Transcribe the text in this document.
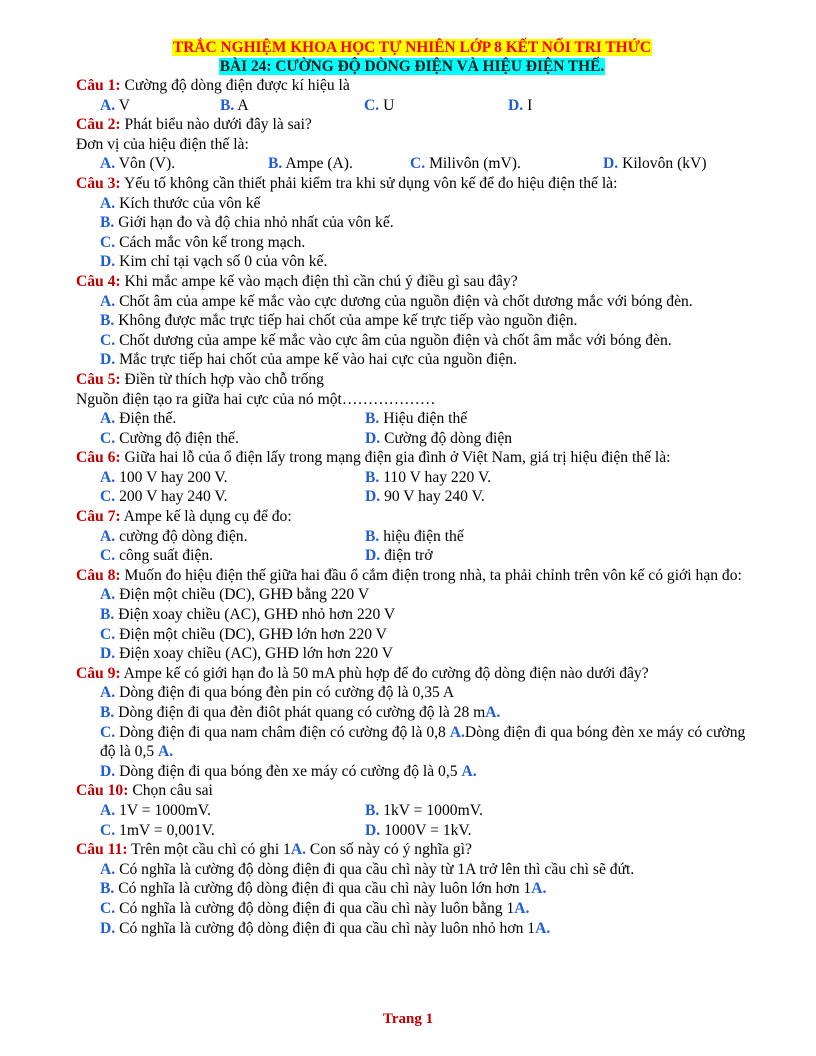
TRẮC NGHIỆM KHOA HỌC TỰ NHIÊN LỚP 8 KẾT NỐI TRI THỨC
BÀI 24: CƯỜNG ĐỘ DÒNG ĐIỆN VÀ HIỆU ĐIỆN THẾ.
Câu 1: Cường độ dòng điện được kí hiệu là
A. V	B. A	C. U	D. I
Câu 2: Phát biểu nào dưới đây là sai?
Đơn vị của hiệu điện thế là:
A. Vôn (V).	B. Ampe (A).	C. Milivôn (mV).	D. Kilovôn (kV)
Câu 3: Yếu tố không cần thiết phải kiểm tra khi sử dụng vôn kế để đo hiệu điện thế là:
A. Kích thước của vôn kế
B. Giới hạn đo và độ chia nhỏ nhất của vôn kế.
C. Cách mắc vôn kế trong mạch.
D. Kim chỉ tại vạch số 0 của vôn kế.
Câu 4: Khi mắc ampe kế vào mạch điện thì cần chú ý điều gì sau đây?
A. Chốt âm của ampe kế mắc vào cực dương của nguồn điện và chốt dương mắc với bóng đèn.
B. Không được mắc trực tiếp hai chốt của ampe kế trực tiếp vào nguồn điện.
C. Chốt dương của ampe kế mắc vào cực âm của nguồn điện và chốt âm mắc với bóng đèn.
D. Mắc trực tiếp hai chốt của ampe kế vào hai cực của nguồn điện.
Câu 5: Điền từ thích hợp vào chỗ trống
Nguồn điện tạo ra giữa hai cực của nó một………………
A. Điện thế.	B. Hiệu điện thế
C. Cường độ điện thế.	D. Cường độ dòng điện
Câu 6: Giữa hai lỗ của ổ điện lấy trong mạng điện gia đình ở Việt Nam, giá trị hiệu điện thế là:
A. 100 V hay 200 V.	B. 110 V hay 220 V.
C. 200 V hay 240 V.	D. 90 V hay 240 V.
Câu 7: Ampe kế là dụng cụ để đo:
A. cường độ dòng điện.	B. hiệu điện thế
C. công suất điện.	D. điện trở
Câu 8: Muốn đo hiệu điện thế giữa hai đầu ổ cắm điện trong nhà, ta phải chỉnh trên vôn kế có giới hạn đo:
A. Điện một chiều (DC), GHĐ bằng 220 V
B. Điện xoay chiều (AC), GHĐ nhỏ hơn 220 V
C. Điện một chiều (DC), GHĐ lớn hơn 220 V
D. Điện xoay chiều (AC), GHĐ lớn hơn 220 V
Câu 9: Ampe kế có giới hạn đo là 50 mA phù hợp để đo cường độ dòng điện nào dưới đây?
A. Dòng điện đi qua bóng đèn pin có cường độ là 0,35 A
B. Dòng điện đi qua đèn điôt phát quang có cường độ là 28 mA.
C. Dòng điện đi qua nam châm điện có cường độ là 0,8 A.Dòng điện đi qua bóng đèn xe máy có cường độ là 0,5 A.
D. Dòng điện đi qua bóng đèn xe máy có cường độ là 0,5 A.
Câu 10: Chọn câu sai
A. 1V = 1000mV.	B. 1kV = 1000mV.
C. 1mV = 0,001V.	D. 1000V = 1kV.
Câu 11: Trên một cầu chì có ghi 1A. Con số này có ý nghĩa gì?
A. Có nghĩa là cường độ dòng điện đi qua cầu chì này từ 1A trở lên thì cầu chì sẽ đứt.
B. Có nghĩa là cường độ dòng điện đi qua cầu chì này luôn lớn hơn 1A.
C. Có nghĩa là cường độ dòng điện đi qua cầu chì này luôn bằng 1A.
D. Có nghĩa là cường độ dòng điện đi qua cầu chì này luôn nhỏ hơn 1A.
Trang 1
